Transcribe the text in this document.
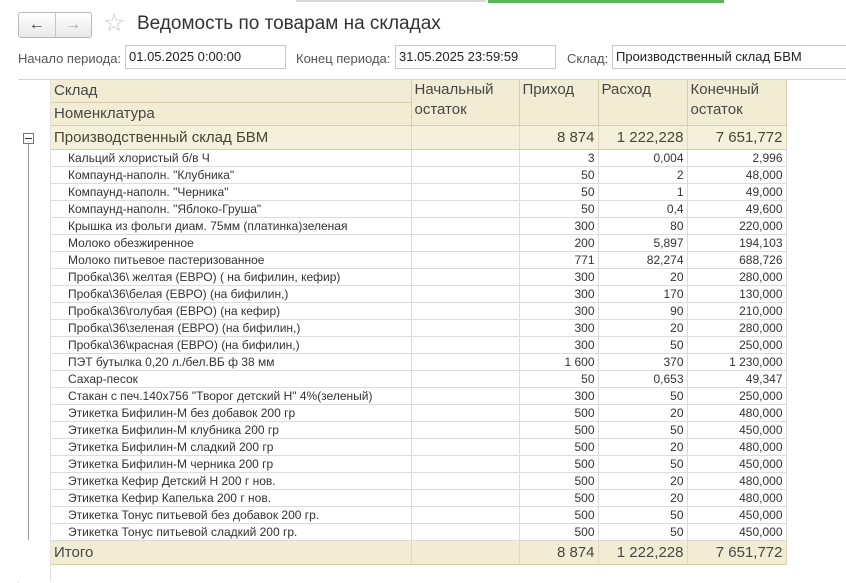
← → ☆ Ведомость по товарам на складах
Начало периода: 01.05.2025 0:00:00	Конец периода: 31.05.2025 23:59:59	Склад: Производственный склад БВМ
Склад	Начальный остаток	Приход	Расход	Конечный остаток
Номенклатура				
Производственный склад БВМ		8 874	1 222,228	7 651,772
Кальций хлористый б/в Ч		3	0,004	2,996
Компаунд-наполн. "Клубника"		50	2	48,000
Компаунд-наполн. "Черника"		50	1	49,000
Компаунд-наполн. "Яблоко-Груша"		50	0,4	49,600
Крышка из фольги диам. 75мм (платинка)зеленая		300	80	220,000
Молоко обезжиренное		200	5,897	194,103
Молоко питьевое пастеризованное		771	82,274	688,726
Пробка\36\ желтая (ЕВРО) ( на бифилин, кефир)		300	20	280,000
Пробка\36\белая (ЕВРО) (на бифилин,)		300	170	130,000
Пробка\36\голубая (ЕВРО) (на кефир)		300	90	210,000
Пробка\36\зеленая (ЕВРО) (на бифилин,)		300	20	280,000
Пробка\36\красная (ЕВРО) (на бифилин,)		300	50	250,000
ПЭТ бутылка 0,20 л./бел.ВБ ф 38 мм		1 600	370	1 230,000
Сахар-песок		50	0,653	49,347
Стакан с печ.140х756 "Творог детский Н" 4%(зеленый)		300	50	250,000
Этикетка Бифилин-М без добавок 200 гр		500	20	480,000
Этикетка Бифилин-М клубника 200 гр		500	50	450,000
Этикетка Бифилин-М сладкий 200 гр		500	20	480,000
Этикетка Бифилин-М черника 200 гр		500	50	450,000
Этикетка Кефир Детский Н 200 г нов.		500	20	480,000
Этикетка Кефир Капелька 200 г нов.		500	20	480,000
Этикетка Тонус питьевой без добавок 200 гр.		500	50	450,000
Этикетка Тонус питьевой сладкий 200 гр.		500	50	450,000
Итого		8 874	1 222,228	7 651,772
